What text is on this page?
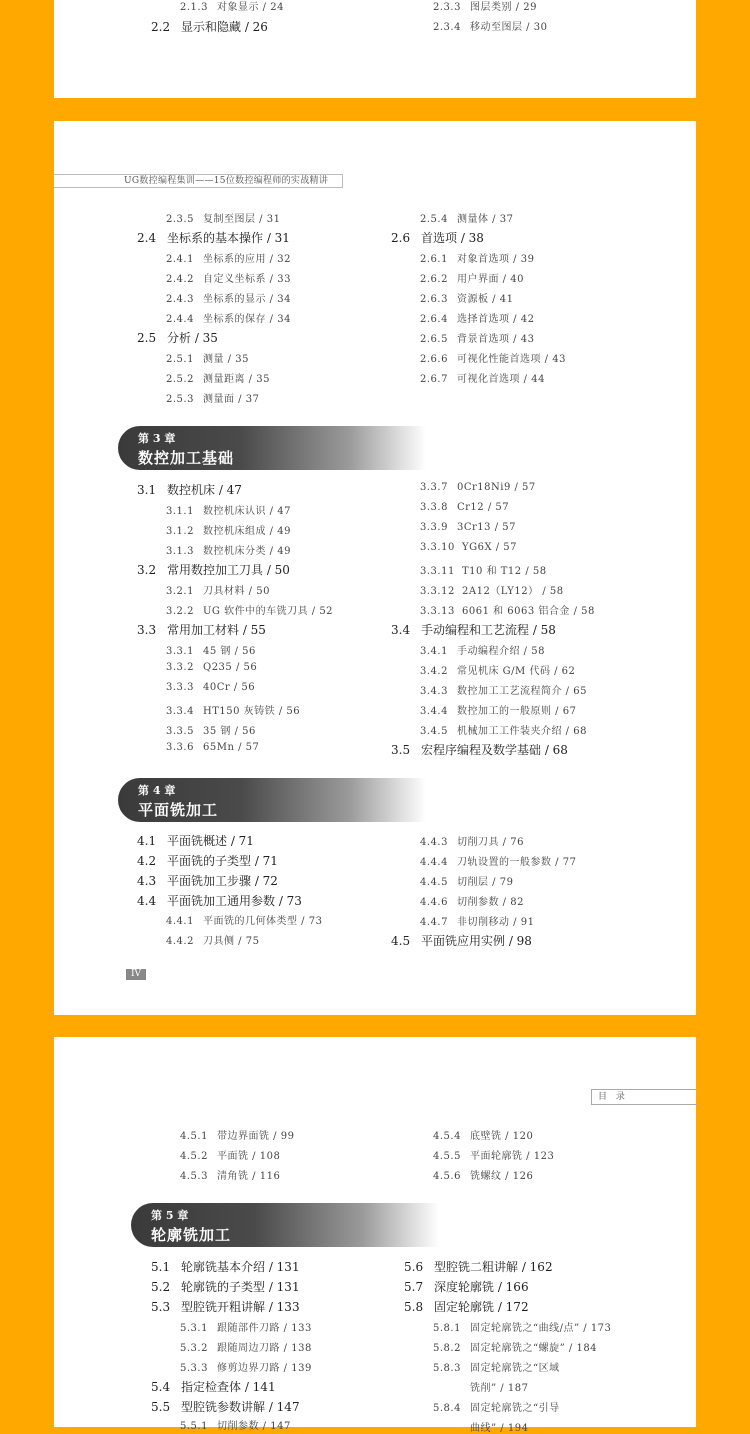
2.1.3 对象显示 / 24
2.2 显示和隐藏 / 26
2.3.3 图层类别 / 29
2.3.4 移动至图层 / 30
UG数控编程集训——15位数控编程师的实战精讲
2.3.5 复制至图层 / 31
2.4 坐标系的基本操作 / 31
2.4.1 坐标系的应用 / 32
2.4.2 自定义坐标系 / 33
2.4.3 坐标系的显示 / 34
2.4.4 坐标系的保存 / 34
2.5 分析 / 35
2.5.1 测量 / 35
2.5.2 测量距离 / 35
2.5.3 测量面 / 37
2.5.4 测量体 / 37
2.6 首选项 / 38
2.6.1 对象首选项 / 39
2.6.2 用户界面 / 40
2.6.3 资源板 / 41
2.6.4 选择首选项 / 42
2.6.5 背景首选项 / 43
2.6.6 可视化性能首选项 / 43
2.6.7 可视化首选项 / 44
第 3 章
数控加工基础
3.1 数控机床 / 47
3.1.1 数控机床认识 / 47
3.1.2 数控机床组成 / 49
3.1.3 数控机床分类 / 49
3.2 常用数控加工刀具 / 50
3.2.1 刀具材料 / 50
3.2.2 UG 软件中的车铣刀具 / 52
3.3 常用加工材料 / 55
3.3.1 45 钢 / 56
3.3.2 Q235 / 56
3.3.3 40Cr / 56
3.3.4 HT150 灰铸铁 / 56
3.3.5 35 钢 / 56
3.3.6 65Mn / 57
3.3.7 0Cr18Ni9 / 57
3.3.8 Cr12 / 57
3.3.9 3Cr13 / 57
3.3.10 YG6X / 57
3.3.11 T10 和 T12 / 58
3.3.12 2A12（LY12） / 58
3.3.13 6061 和 6063 铝合金 / 58
3.4 手动编程和工艺流程 / 58
3.4.1 手动编程介绍 / 58
3.4.2 常见机床 G/M 代码 / 62
3.4.3 数控加工工艺流程简介 / 65
3.4.4 数控加工的一般原则 / 67
3.4.5 机械加工工件装夹介绍 / 68
3.5 宏程序编程及数学基础 / 68
第 4 章
平面铣加工
4.1 平面铣概述 / 71
4.2 平面铣的子类型 / 71
4.3 平面铣加工步骤 / 72
4.4 平面铣加工通用参数 / 73
4.4.1 平面铣的几何体类型 / 73
4.4.2 刀具侧 / 75
4.4.3 切削刀具 / 76
4.4.4 刀轨设置的一般参数 / 77
4.4.5 切削层 / 79
4.4.6 切削参数 / 82
4.4.7 非切削移动 / 91
4.5 平面铣应用实例 / 98
IV
目 录
4.5.1 带边界面铣 / 99
4.5.2 平面铣 / 108
4.5.3 清角铣 / 116
4.5.4 底壁铣 / 120
4.5.5 平面轮廓铣 / 123
4.5.6 铣螺纹 / 126
第 5 章
轮廓铣加工
5.1 轮廓铣基本介绍 / 131
5.2 轮廓铣的子类型 / 131
5.3 型腔铣开粗讲解 / 133
5.3.1 跟随部件刀路 / 133
5.3.2 跟随周边刀路 / 138
5.3.3 修剪边界刀路 / 139
5.4 指定检查体 / 141
5.5 型腔铣参数讲解 / 147
5.5.1 切削参数 / 147
5.6 型腔铣二粗讲解 / 162
5.7 深度轮廓铣 / 166
5.8 固定轮廓铣 / 172
5.8.1 固定轮廓铣之“曲线/点” / 173
5.8.2 固定轮廓铣之“螺旋” / 184
5.8.3 固定轮廓铣之“区域
铣削” / 187
5.8.4 固定轮廓铣之“引导
曲线” / 194
